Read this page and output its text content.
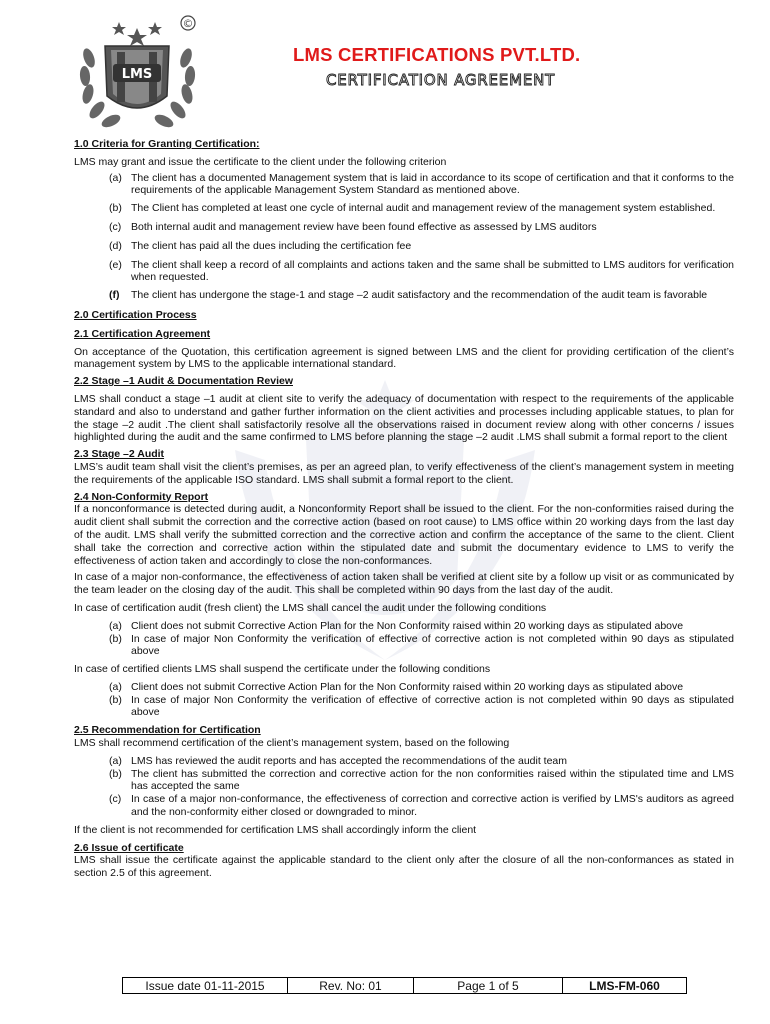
LMS
©
LMS CERTIFICATIONS PVT.LTD.
CERTIFICATION AGREEMENT
1.0 Criteria for Granting Certification:

LMS may grant and issue the certificate to the client under the following criterion

(a) The client has a documented Management system that is laid in accordance to its scope of certification and that it conforms to the requirements of the applicable Management System Standard as mentioned above.
(b) The Client has completed at least one cycle of internal audit and management review of the management system established.
(c) Both internal audit and management review have been found effective as assessed by LMS auditors
(d) The client has paid all the dues including the certification fee
(e) The client shall keep a record of all complaints and actions taken and the same shall be submitted to LMS auditors for verification when requested.
(f) The client has undergone the stage-1 and stage –2 audit satisfactory and the recommendation of the audit team is favorable
2.0 Certification Process
2.1 Certification Agreement

On acceptance of the Quotation, this certification agreement is signed between LMS and the client for providing certification of the client’s management system by LMS to the applicable international standard.

2.2 Stage –1 Audit & Documentation Review

LMS shall conduct a stage –1 audit at client site to verify the adequacy of documentation with respect to the requirements of the applicable standard and also to understand and gather further information on the client activities and processes including applicable statues, to plan for the stage –2 audit .The client shall satisfactorily resolve all the observations raised in document review along with other concerns / issues highlighted during the audit and the same confirmed to LMS before planning the stage –2 audit .LMS shall submit a formal report to the client

2.3 Stage –2 Audit

LMS’s audit team shall visit the client’s premises, as per an agreed plan, to verify effectiveness of the client’s management system in meeting the requirements of the applicable ISO standard. LMS shall submit a formal report to the client.

2.4 Non-Conformity Report

If a nonconformance is detected during audit, a Nonconformity Report shall be issued to the client. For the non-conformities raised during the audit client shall submit the correction and the corrective action (based on root cause) to LMS office within 20 working days from the last day of the audit. LMS shall verify the submitted correction and the corrective action and confirm the acceptance of the same to the client. Client shall take the correction and corrective action within the stipulated date and submit the documentary evidence to LMS to verify the effectiveness of action taken and accordingly to close the non-conformances.

In case of a major non-conformance, the effectiveness of action taken shall be verified at client site by a follow up visit or as communicated by the team leader on the closing day of the audit. This shall be completed within 90 days from the last day of the audit.

In case of certification audit (fresh client) the LMS shall cancel the audit under the following conditions

(a) Client does not submit Corrective Action Plan for the Non Conformity raised within 20 working days as stipulated above
(b) In case of major Non Conformity the verification of effective of corrective action is not completed within 90 days as stipulated above

In case of certified clients LMS shall suspend the certificate under the following conditions

(a) Client does not submit Corrective Action Plan for the Non Conformity raised within 20 working days as stipulated above
(b) In case of major Non Conformity the verification of effective of corrective action is not completed within 90 days as stipulated above
2.5 Recommendation for Certification

LMS shall recommend certification of the client’s management system, based on the following

(a) LMS has reviewed the audit reports and has accepted the recommendations of the audit team
(b) The client has submitted the correction and corrective action for the non conformities raised within the stipulated time and LMS has accepted the same
(c) In case of a major non-conformance, the effectiveness of correction and corrective action is verified by LMS's auditors as agreed and the non-conformity either closed or downgraded to minor.

If the client is not recommended for certification LMS shall accordingly inform the client

2.6 Issue of certificate

LMS shall issue the certificate against the applicable standard to the client only after the closure of all the non-conformances as stated in section 2.5 of this agreement.

Issue date 01-11-2015	Rev. No: 01	Page 1 of 5	LMS-FM-060
